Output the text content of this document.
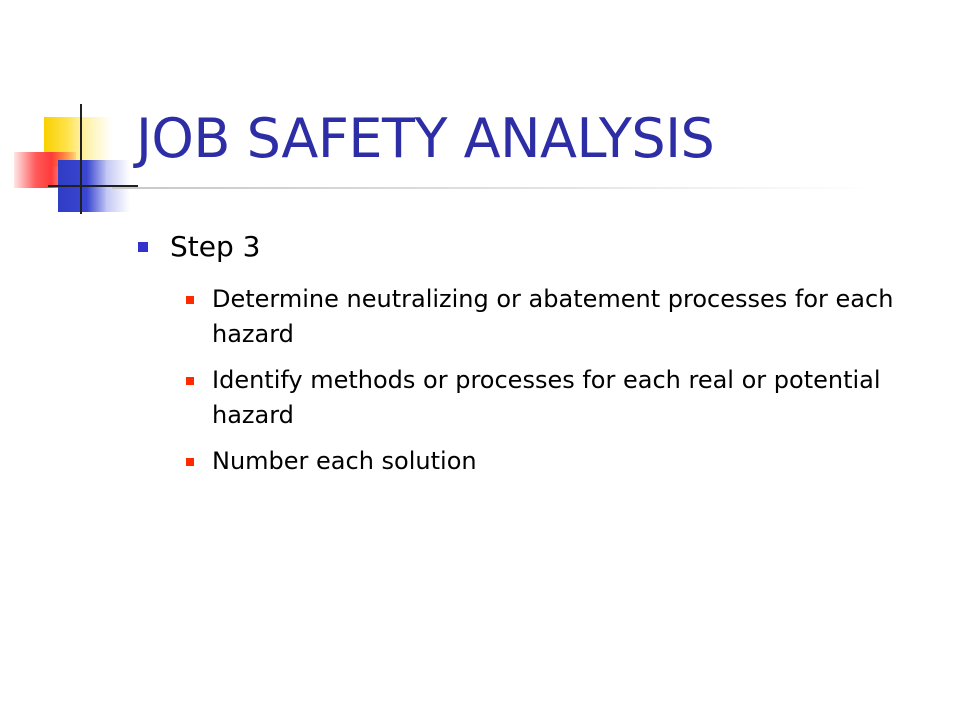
JOB SAFETY ANALYSIS
Step 3
Determine neutralizing or abatement processes for each hazard
Identify methods or processes for each real or potential hazard
Number each solution
